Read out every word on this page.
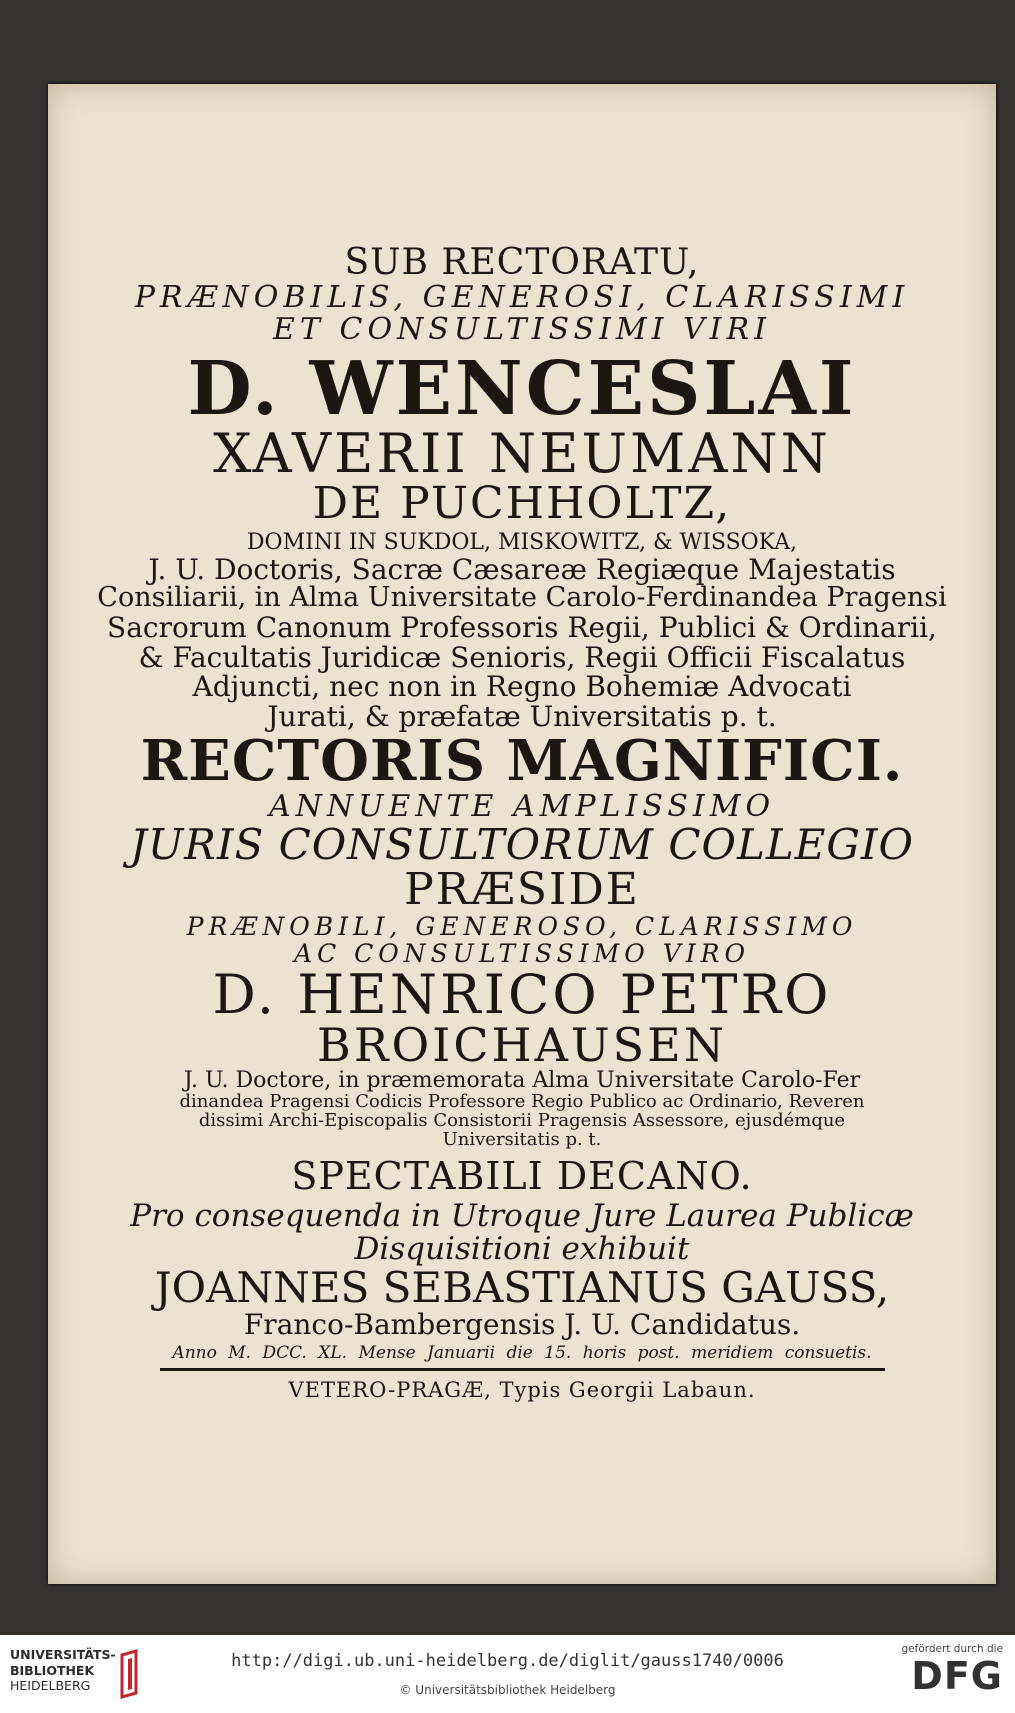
SUB RECTORATU,
PRÆNOBILIS, GENEROSI, CLARISSIMI
ET CONSULTISSIMI VIRI
D. WENCESLAI
XAVERII NEUMANN
DE PUCHHOLTZ,
DOMINI IN SUKDOL, MISKOWITZ, & WISSOKA,
J. U. Doctoris, Sacræ Cæsareæ Regiæque Majestatis
Consiliarii, in Alma Universitate Carolo-Ferdinandea Pragensi
Sacrorum Canonum Professoris Regii, Publici & Ordinarii,
& Facultatis Juridicæ Senioris, Regii Officii Fiscalatus
Adjuncti, nec non in Regno Bohemiæ Advocati
Jurati, & præfatæ Universitatis p. t.
RECTORIS MAGNIFICI.
ANNUENTE AMPLISSIMO
JURIS CONSULTORUM COLLEGIO
PRÆSIDE
PRÆNOBILI, GENEROSO, CLARISSIMO
AC CONSULTISSIMO VIRO
D. HENRICO PETRO
BROICHAUSEN
J. U. Doctore, in præmemorata Alma Universitate Carolo-Fer
dinandea Pragensi Codicis Professore Regio Publico ac Ordinario, Reveren
dissimi Archi-Episcopalis Consistorii Pragensis Assessore, ejusdémque
Universitatis p. t.
SPECTABILI DECANO.
Pro consequenda in Utroque Jure Laurea Publicæ
Disquisitioni exhibuit
JOANNES SEBASTIANUS GAUSS,
Franco-Bambergensis J. U. Candidatus.
Anno M. DCC. XL. Mense Januarii die 15. horis post. meridiem consuetis.
VETERO-PRAGÆ, Typis Georgii Labaun.
UNIVERSITÄTS-
BIBLIOTHEK
HEIDELBERG
http://digi.ub.uni-heidelberg.de/diglit/gauss1740/0006
© Universitätsbibliothek Heidelberg
gefördert durch die
DFG
